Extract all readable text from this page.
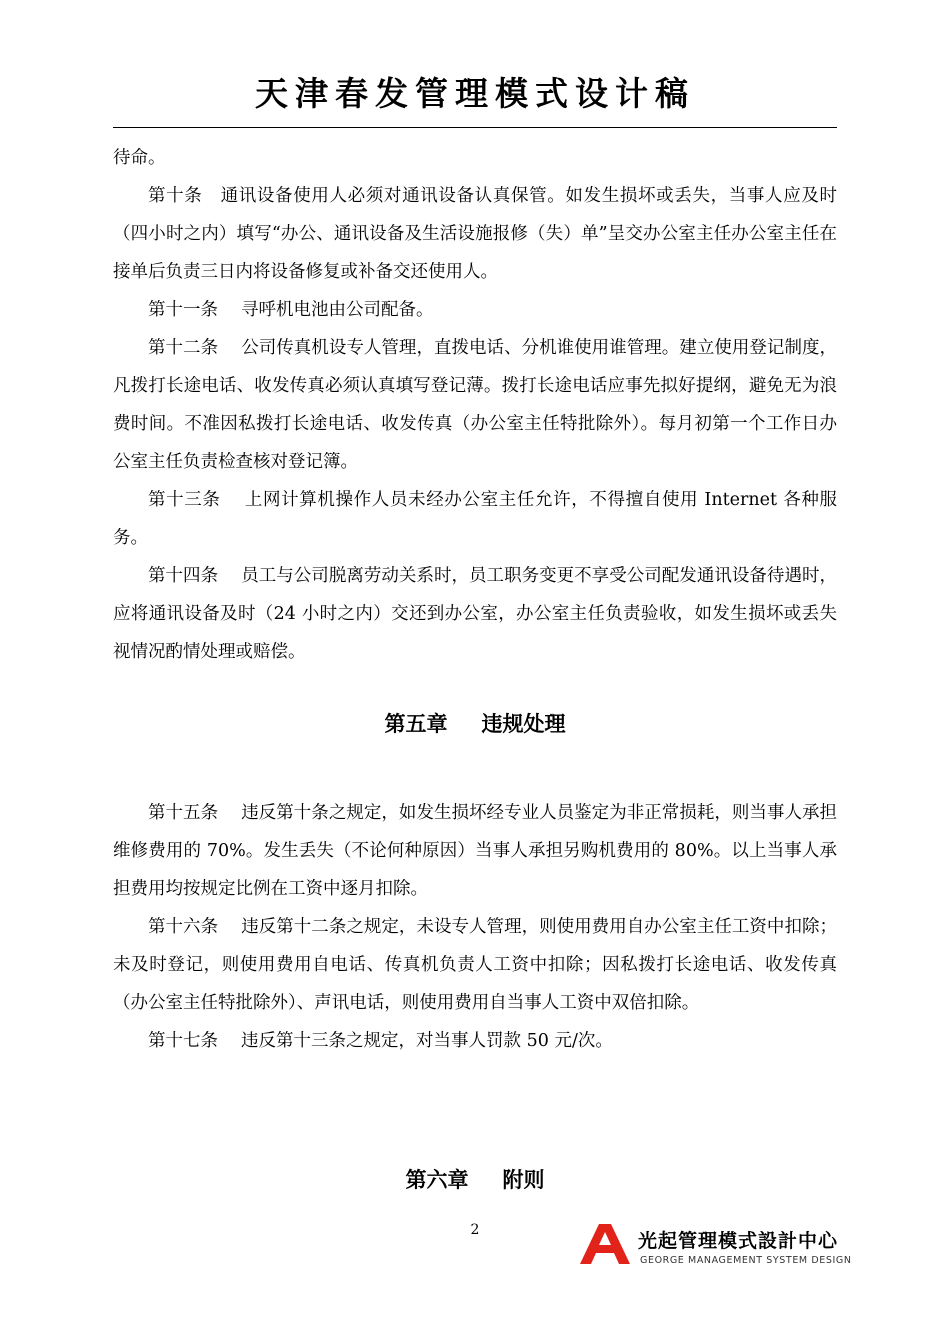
天津春发管理模式设计稿

待命。

第十条　通讯设备使用人必须对通讯设备认真保管。如发生损坏或丢失，当事人应及时（四小时之内）填写“办公、通讯设备及生活设施报修（失）单”呈交办公室主任办公室主任在接单后负责三日内将设备修复或补备交还使用人。

第十一条　 寻呼机电池由公司配备。

第十二条　 公司传真机设专人管理，直拨电话、分机谁使用谁管理。建立使用登记制度，凡拨打长途电话、收发传真必须认真填写登记薄。拨打长途电话应事先拟好提纲，避免无为浪费时间。不准因私拨打长途电话、收发传真（办公室主任特批除外）。每月初第一个工作日办公室主任负责检查核对登记簿。

第十三条　 上网计算机操作人员未经办公室主任允许，不得擅自使用 Internet 各种服务。

第十四条　 员工与公司脱离劳动关系时，员工职务变更不享受公司配发通讯设备待遇时，应将通讯设备及时（24 小时之内）交还到办公室，办公室主任负责验收，如发生损坏或丢失视情况酌情处理或赔偿。

第五章 违规处理

第十五条　 违反第十条之规定，如发生损坏经专业人员鉴定为非正常损耗，则当事人承担维修费用的 70%。发生丢失（不论何种原因）当事人承担另购机费用的 80%。以上当事人承担费用均按规定比例在工资中逐月扣除。

第十六条　 违反第十二条之规定，未设专人管理，则使用费用自办公室主任工资中扣除；未及时登记，则使用费用自电话、传真机负责人工资中扣除；因私拨打长途电话、收发传真（办公室主任特批除外）、声讯电话，则使用费用自当事人工资中双倍扣除。

第十七条　 违反第十三条之规定，对当事人罚款 50 元/次。

第六章 附则
2	光起管理模式設計中心
GEORGE MANAGEMENT SYSTEM DESIGN
